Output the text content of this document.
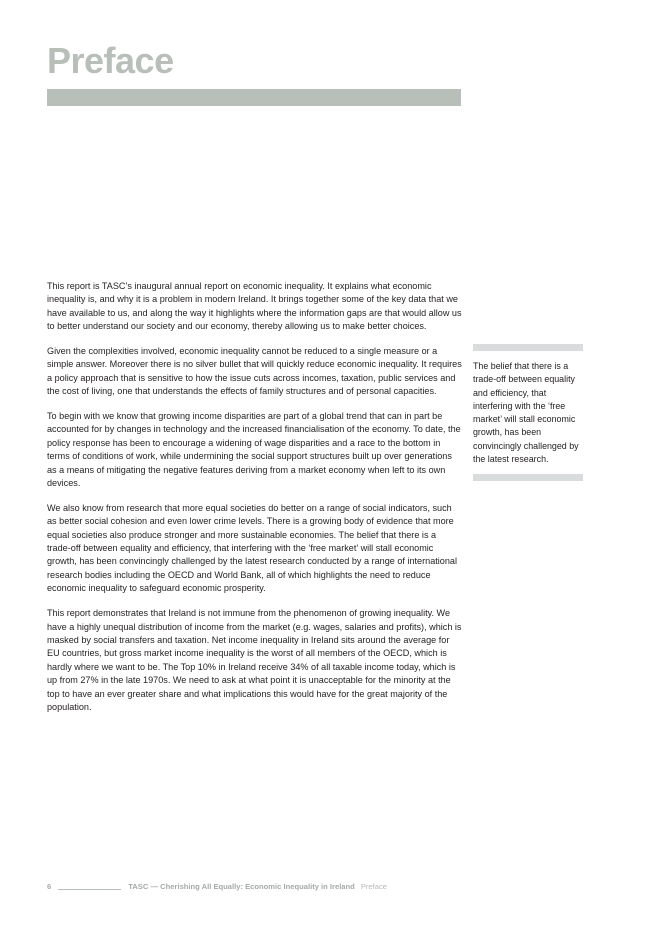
Preface

This report is TASC’s inaugural annual report on economic inequality. It explains what economic inequality is, and why it is a problem in modern Ireland. It brings together some of the key data that we have available to us, and along the way it highlights where the information gaps are that would allow us to better understand our society and our economy, thereby allowing us to make better choices.

Given the complexities involved, economic inequality cannot be reduced to a single measure or a simple answer. Moreover there is no silver bullet that will quickly reduce economic inequality. It requires a policy approach that is sensitive to how the issue cuts across incomes, taxation, public services and the cost of living, one that understands the effects of family structures and of personal capacities.

To begin with we know that growing income disparities are part of a global trend that can in part be accounted for by changes in technology and the increased financialisation of the economy. To date, the policy response has been to encourage a widening of wage disparities and a race to the bottom in terms of conditions of work, while undermining the social support structures built up over generations as a means of mitigating the negative features deriving from a market economy when left to its own devices.

We also know from research that more equal societies do better on a range of social indicators, such as better social cohesion and even lower crime levels. There is a growing body of evidence that more equal societies also produce stronger and more sustainable economies. The belief that there is a trade-off between equality and efficiency, that interfering with the ‘free market’ will stall economic growth, has been convincingly challenged by the latest research conducted by a range of international research bodies including the OECD and World Bank, all of which highlights the need to reduce economic inequality to safeguard economic prosperity.

This report demonstrates that Ireland is not immune from the phenomenon of growing inequality. We have a highly unequal distribution of income from the market (e.g. wages, salaries and profits), which is masked by social transfers and taxation. Net income inequality in Ireland sits around the average for EU countries, but gross market income inequality is the worst of all members of the OECD, which is hardly where we want to be. The Top 10% in Ireland receive 34% of all taxable income today, which is up from 27% in the late 1970s. We need to ask at what point it is unacceptable for the minority at the top to have an ever greater share and what implications this would have for the great majority of the population.

The belief that there is a trade-off between equality and efficiency, that interfering with the ‘free market’ will stall economic growth, has been convincingly challenged by the latest research.
6	TASC — Cherishing All Equally: Economic Inequality in Ireland Preface
